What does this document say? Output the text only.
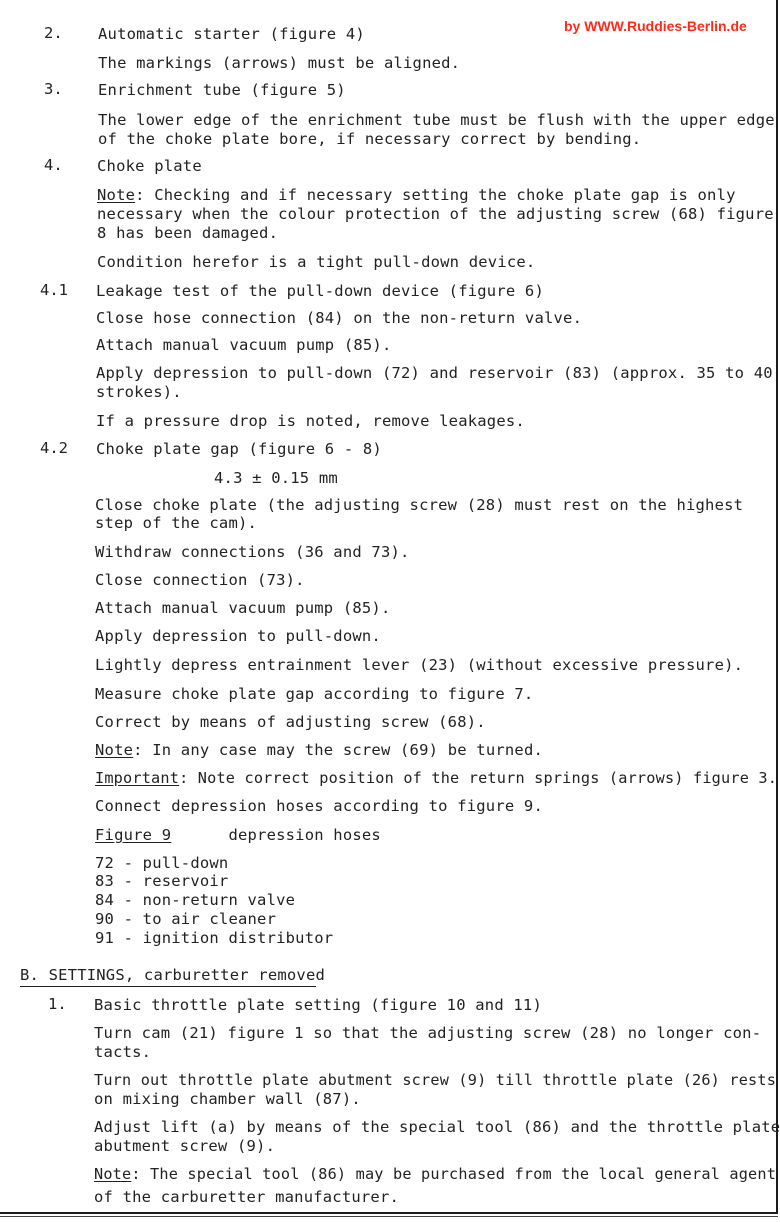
by WWW.Ruddies-Berlin.de
2. Automatic starter (figure 4)
The markings (arrows) must be aligned.
3. Enrichment tube (figure 5)
The lower edge of the enrichment tube must be flush with the upper edge
of the choke plate bore, if necessary correct by bending.
4. Choke plate
Note: Checking and if necessary setting the choke plate gap is only
necessary when the colour protection of the adjusting screw (68) figure
8 has been damaged.
Condition herefor is a tight pull-down device.
4.1 Leakage test of the pull-down device (figure 6)
Close hose connection (84) on the non-return valve.
Attach manual vacuum pump (85).
Apply depression to pull-down (72) and reservoir (83) (approx. 35 to 40
strokes).
If a pressure drop is noted, remove leakages.
4.2 Choke plate gap (figure 6 - 8)
4.3 ± 0.15 mm
Close choke plate (the adjusting screw (28) must rest on the highest
step of the cam).
Withdraw connections (36 and 73).
Close connection (73).
Attach manual vacuum pump (85).
Apply depression to pull-down.
Lightly depress entrainment lever (23) (without excessive pressure).
Measure choke plate gap according to figure 7.
Correct by means of adjusting screw (68).
Note: In any case may the screw (69) be turned.
Important: Note correct position of the return springs (arrows) figure 3.
Connect depression hoses according to figure 9.
Figure 9      depression hoses
72 - pull-down
83 - reservoir
84 - non-return valve
90 - to air cleaner
91 - ignition distributor
B. SETTINGS, carburetter removed
1. Basic throttle plate setting (figure 10 and 11)
Turn cam (21) figure 1 so that the adjusting screw (28) no longer con-
tacts.
Turn out throttle plate abutment screw (9) till throttle plate (26) rests
on mixing chamber wall (87).
Adjust lift (a) by means of the special tool (86) and the throttle plate
abutment screw (9).
Note: The special tool (86) may be purchased from the local general agent
of the carburetter manufacturer.
